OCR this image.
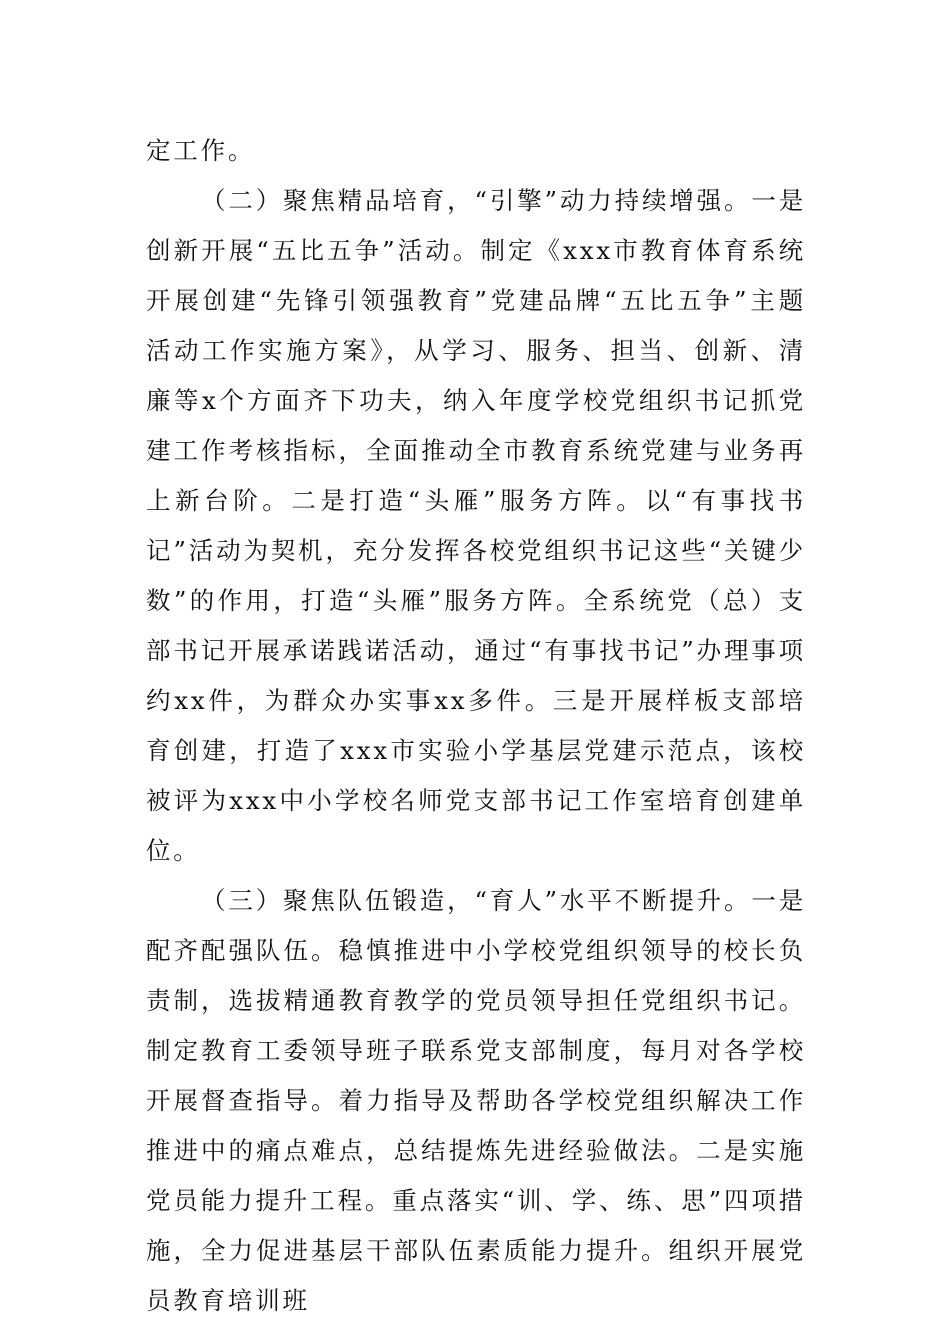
定工作。

（二）聚焦精品培育，“引擎”动力持续增强。一是创新开展“五比五争”活动。制定《xxx市教育体育系统开展创建“先锋引领强教育”党建品牌“五比五争”主题活动工作实施方案》，从学习、服务、担当、创新、清廉等x个方面齐下功夫，纳入年度学校党组织书记抓党建工作考核指标，全面推动全市教育系统党建与业务再上新台阶。二是打造“头雁”服务方阵。以“有事找书记”活动为契机，充分发挥各校党组织书记这些“关键少数”的作用，打造“头雁”服务方阵。全系统党（总）支部书记开展承诺践诺活动，通过“有事找书记”办理事项约xx件，为群众办实事xx多件。三是开展样板支部培育创建，打造了xxx市实验小学基层党建示范点，该校被评为xxx中小学校名师党支部书记工作室培育创建单位。

（三）聚焦队伍锻造，“育人”水平不断提升。一是配齐配强队伍。稳慎推进中小学校党组织领导的校长负责制，选拔精通教育教学的党员领导担任党组织书记。制定教育工委领导班子联系党支部制度，每月对各学校开展督查指导。着力指导及帮助各学校党组织解决工作推进中的痛点难点，总结提炼先进经验做法。二是实施党员能力提升工程。重点落实“训、学、练、思”四项措施，全力促进基层干部队伍素质能力提升。组织开展党员教育培训班
